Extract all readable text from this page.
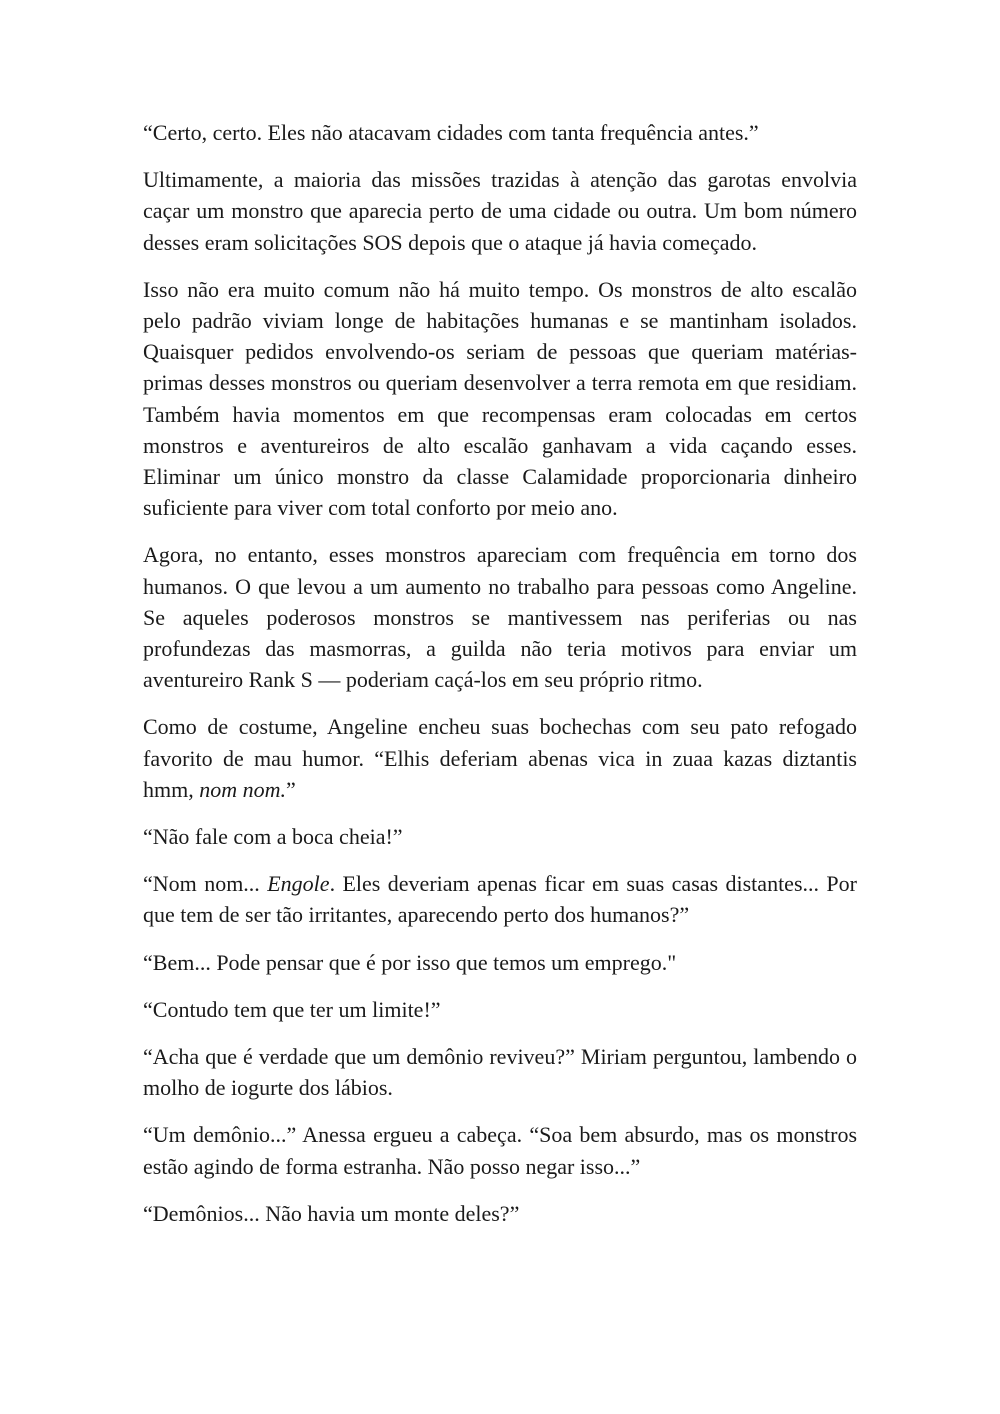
“Certo, certo. Eles não atacavam cidades com tanta frequência antes.”

Ultimamente, a maioria das missões trazidas à atenção das garotas envolvia caçar um monstro que aparecia perto de uma cidade ou outra. Um bom número desses eram solicitações SOS depois que o ataque já havia começado.

Isso não era muito comum não há muito tempo. Os monstros de alto escalão pelo padrão viviam longe de habitações humanas e se mantinham isolados. Quaisquer pedidos envolvendo-os seriam de pessoas que queriam matérias-primas desses monstros ou queriam desenvolver a terra remota em que residiam. Também havia momentos em que recompensas eram colocadas em certos monstros e aventureiros de alto escalão ganhavam a vida caçando esses. Eliminar um único monstro da classe Calamidade proporcionaria dinheiro suficiente para viver com total conforto por meio ano.

Agora, no entanto, esses monstros apareciam com frequência em torno dos humanos. O que levou a um aumento no trabalho para pessoas como Angeline. Se aqueles poderosos monstros se mantivessem nas periferias ou nas profundezas das masmorras, a guilda não teria motivos para enviar um aventureiro Rank S — poderiam caçá-los em seu próprio ritmo.

Como de costume, Angeline encheu suas bochechas com seu pato refogado favorito de mau humor. “Elhis deferiam abenas vica in zuaa kazas diztantis hmm, nom nom.”

“Não fale com a boca cheia!”

“Nom nom... Engole. Eles deveriam apenas ficar em suas casas distantes... Por que tem de ser tão irritantes, aparecendo perto dos humanos?”

“Bem... Pode pensar que é por isso que temos um emprego."

“Contudo tem que ter um limite!”

“Acha que é verdade que um demônio reviveu?” Miriam perguntou, lambendo o molho de iogurte dos lábios.

“Um demônio...” Anessa ergueu a cabeça. “Soa bem absurdo, mas os monstros estão agindo de forma estranha. Não posso negar isso...”

“Demônios... Não havia um monte deles?”
